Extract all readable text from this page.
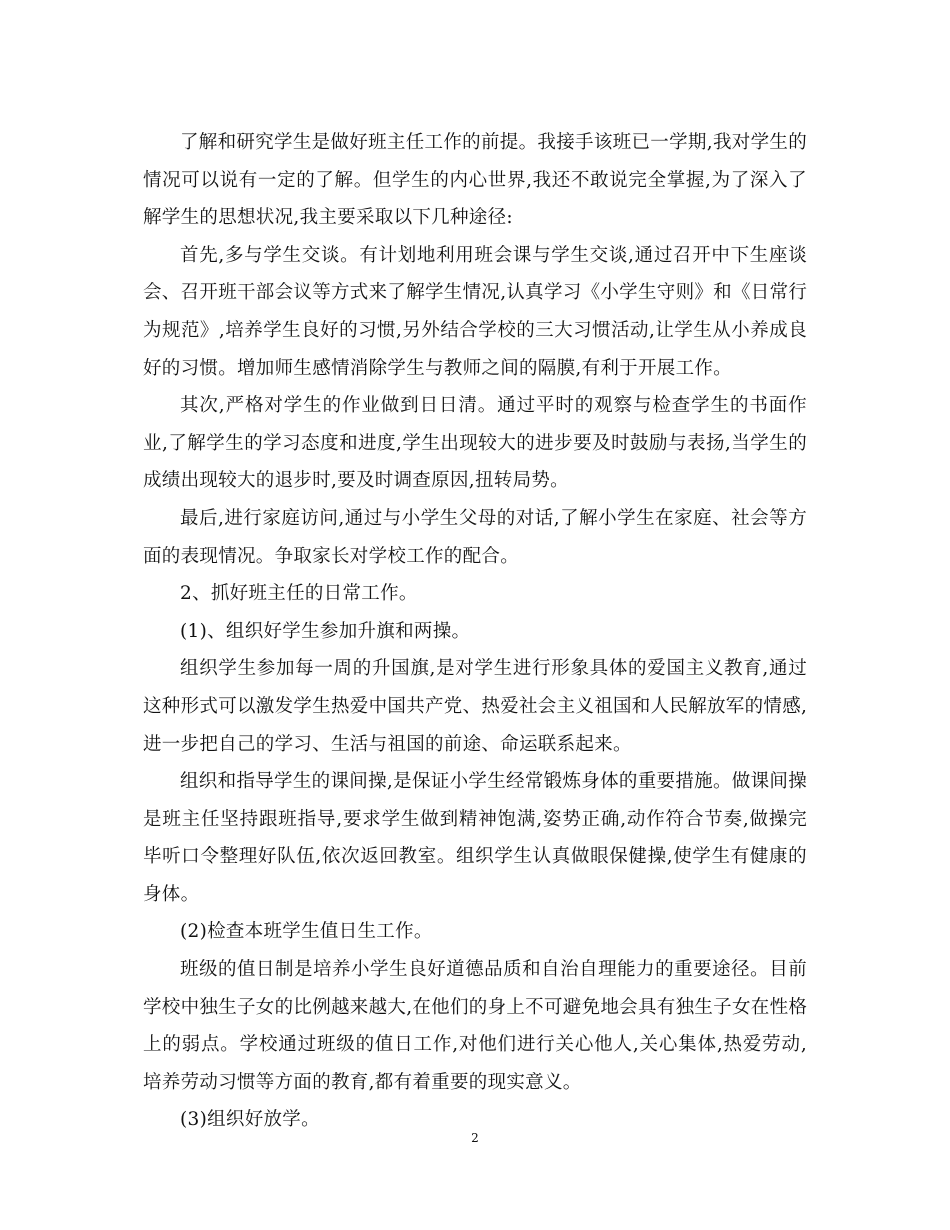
了解和研究学生是做好班主任工作的前提。我接手该班已一学期,我对学生的
情况可以说有一定的了解。但学生的内心世界,我还不敢说完全掌握,为了深入了
解学生的思想状况,我主要采取以下几种途径:
首先,多与学生交谈。有计划地利用班会课与学生交谈,通过召开中下生座谈
会、召开班干部会议等方式来了解学生情况,认真学习《小学生守则》和《日常行
为规范》,培养学生良好的习惯,另外结合学校的三大习惯活动,让学生从小养成良
好的习惯。增加师生感情消除学生与教师之间的隔膜,有利于开展工作。
其次,严格对学生的作业做到日日清。通过平时的观察与检查学生的书面作
业,了解学生的学习态度和进度,学生出现较大的进步要及时鼓励与表扬,当学生的
成绩出现较大的退步时,要及时调查原因,扭转局势。
最后,进行家庭访问,通过与小学生父母的对话,了解小学生在家庭、社会等方
面的表现情况。争取家长对学校工作的配合。
2、抓好班主任的日常工作。
(1)、组织好学生参加升旗和两操。
组织学生参加每一周的升国旗,是对学生进行形象具体的爱国主义教育,通过
这种形式可以激发学生热爱中国共产党、热爱社会主义祖国和人民解放军的情感,
进一步把自己的学习、生活与祖国的前途、命运联系起来。
组织和指导学生的课间操,是保证小学生经常锻炼身体的重要措施。做课间操
是班主任坚持跟班指导,要求学生做到精神饱满,姿势正确,动作符合节奏,做操完
毕听口令整理好队伍,依次返回教室。组织学生认真做眼保健操,使学生有健康的
身体。
(2)检查本班学生值日生工作。
班级的值日制是培养小学生良好道德品质和自治自理能力的重要途径。目前
学校中独生子女的比例越来越大,在他们的身上不可避免地会具有独生子女在性格
上的弱点。学校通过班级的值日工作,对他们进行关心他人,关心集体,热爱劳动,
培养劳动习惯等方面的教育,都有着重要的现实意义。
(3)组织好放学。
2
